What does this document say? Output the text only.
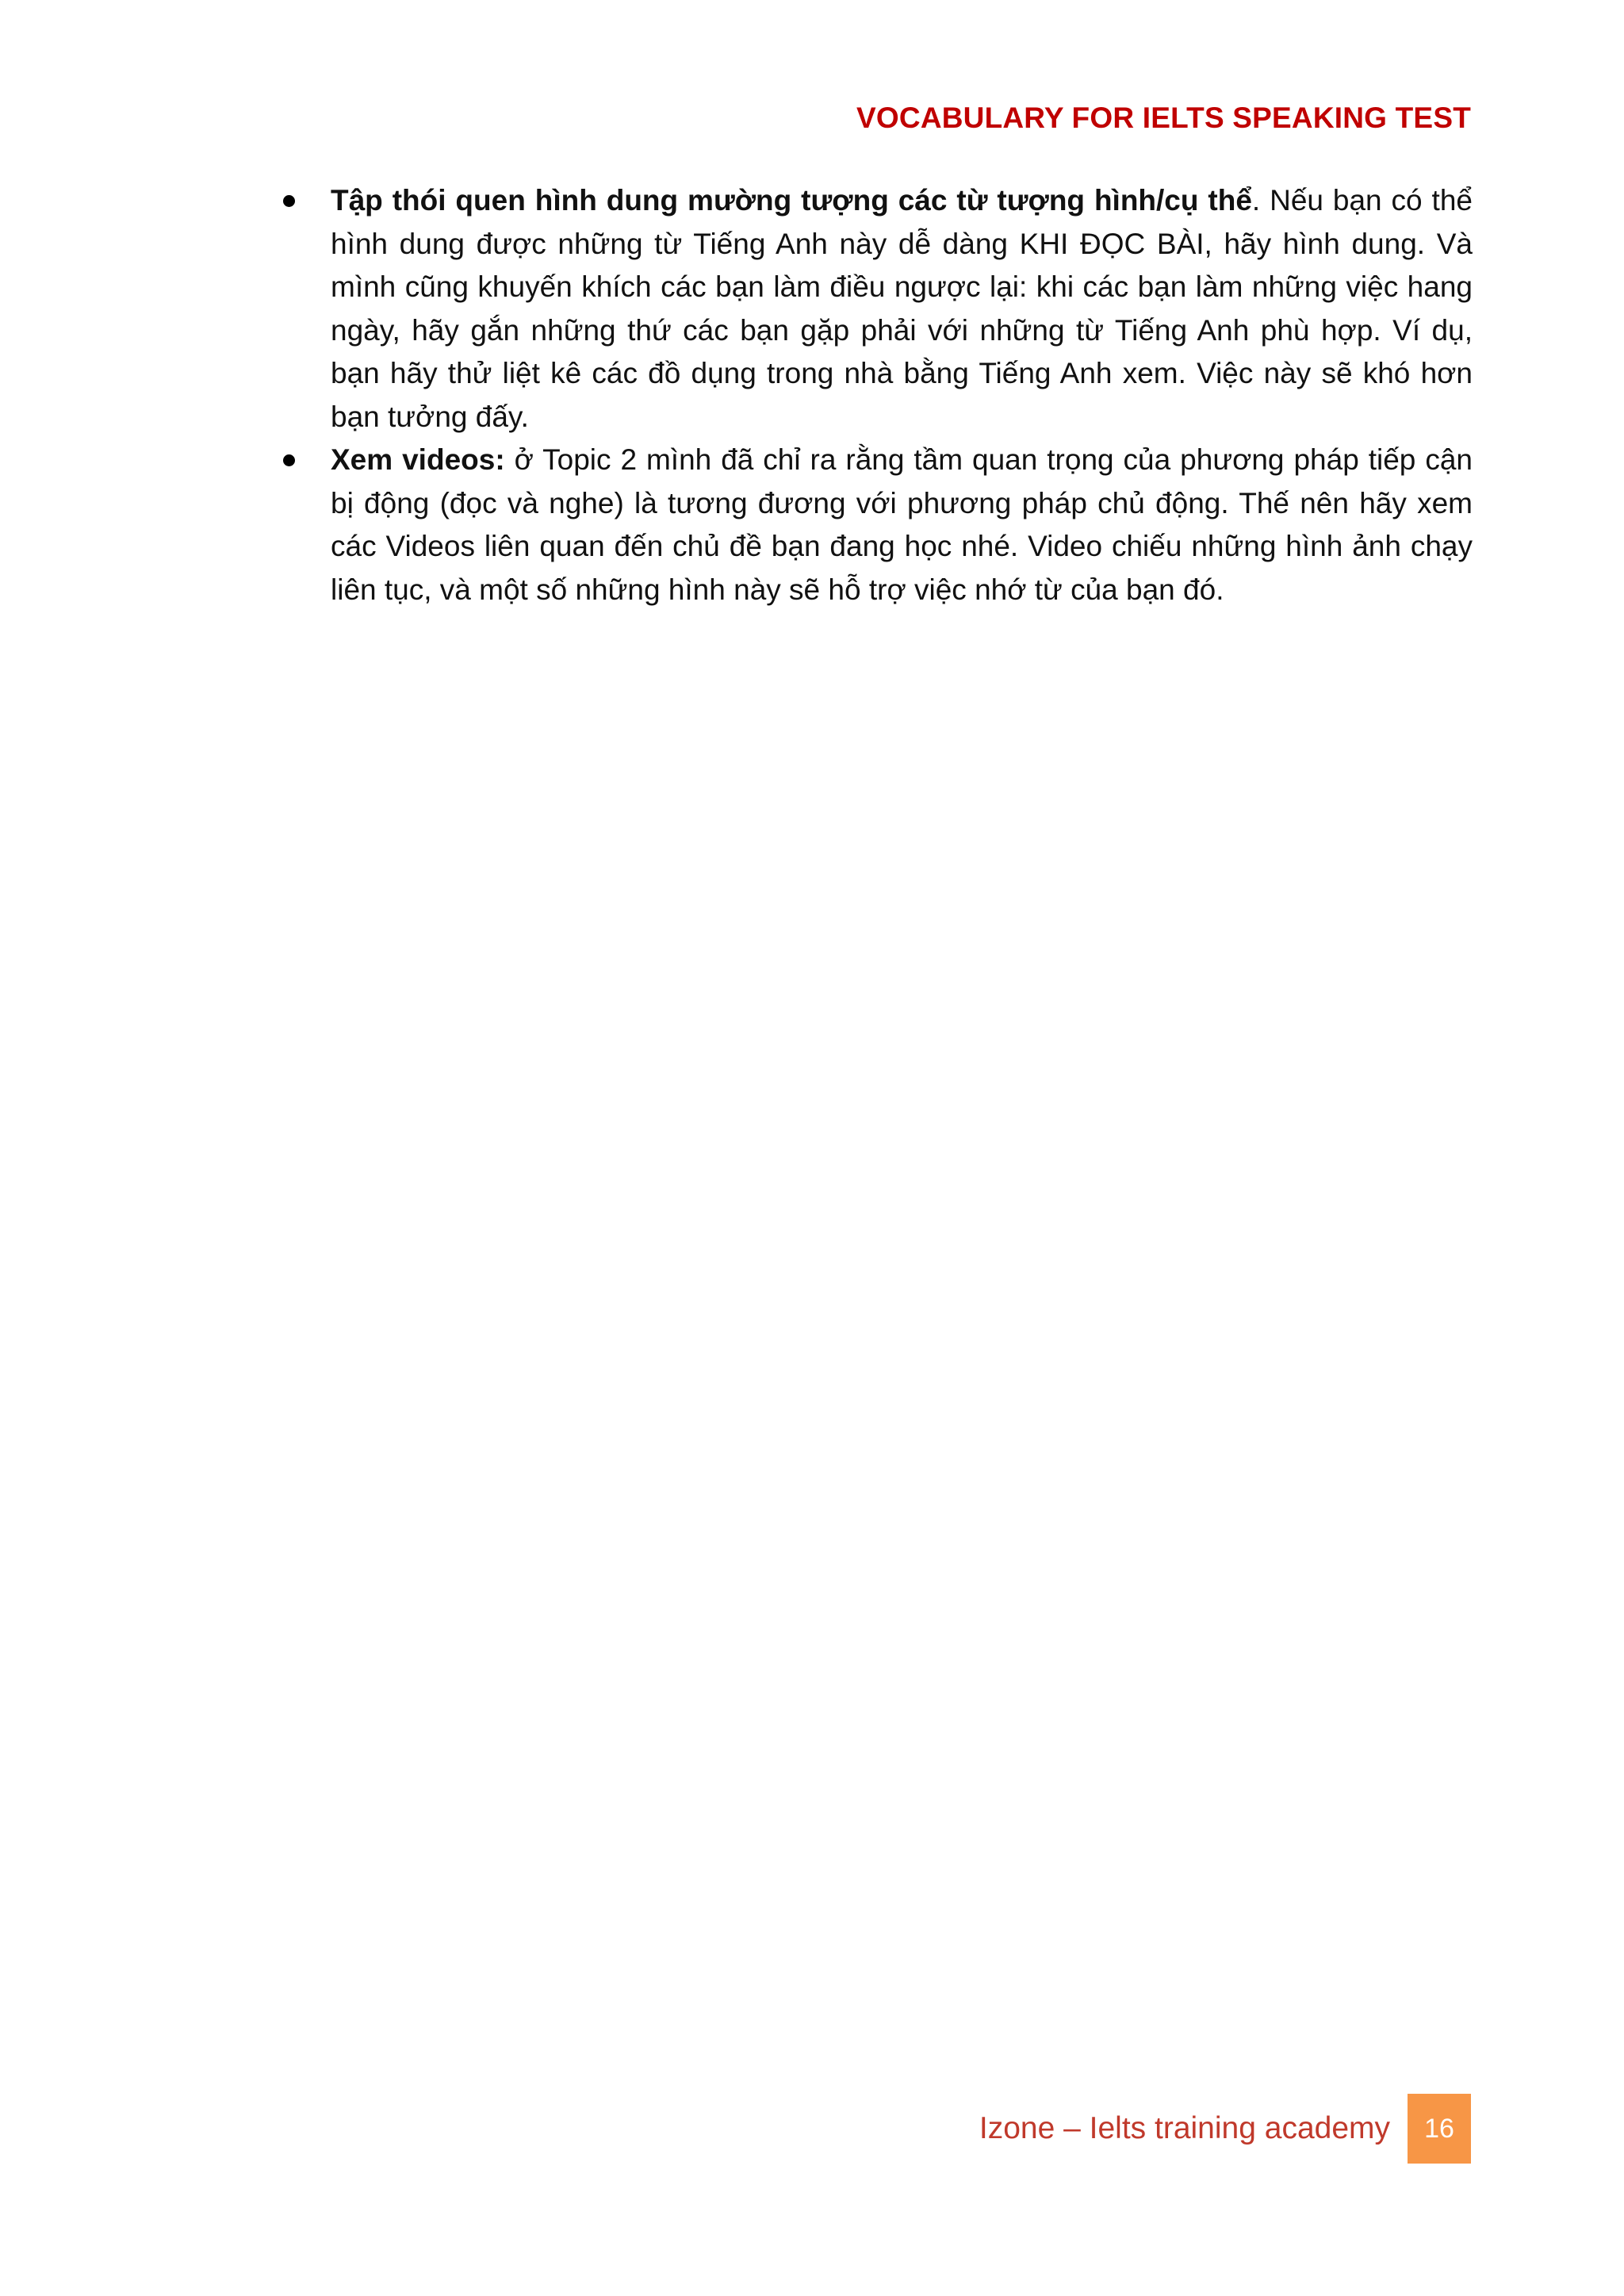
VOCABULARY FOR IELTS SPEAKING TEST
Tập thói quen hình dung mường tượng các từ tượng hình/cụ thể. Nếu bạn có thể hình dung được những từ Tiếng Anh này dễ dàng KHI ĐỌC BÀI, hãy hình dung. Và mình cũng khuyến khích các bạn làm điều ngược lại: khi các bạn làm những việc hang ngày, hãy gắn những thứ các bạn gặp phải với những từ Tiếng Anh phù hợp. Ví dụ, bạn hãy thử liệt kê các đồ dụng trong nhà bằng Tiếng Anh xem. Việc này sẽ khó hơn bạn tưởng đấy.
Xem videos: ở Topic 2 mình đã chỉ ra rằng tầm quan trọng của phương pháp tiếp cận bị động (đọc và nghe) là tương đương với phương pháp chủ động. Thế nên hãy xem các Videos liên quan đến chủ đề bạn đang học nhé. Video chiếu những hình ảnh chạy liên tục, và một số những hình này sẽ hỗ trợ việc nhớ từ của bạn đó.
Izone – Ielts training academy 16
